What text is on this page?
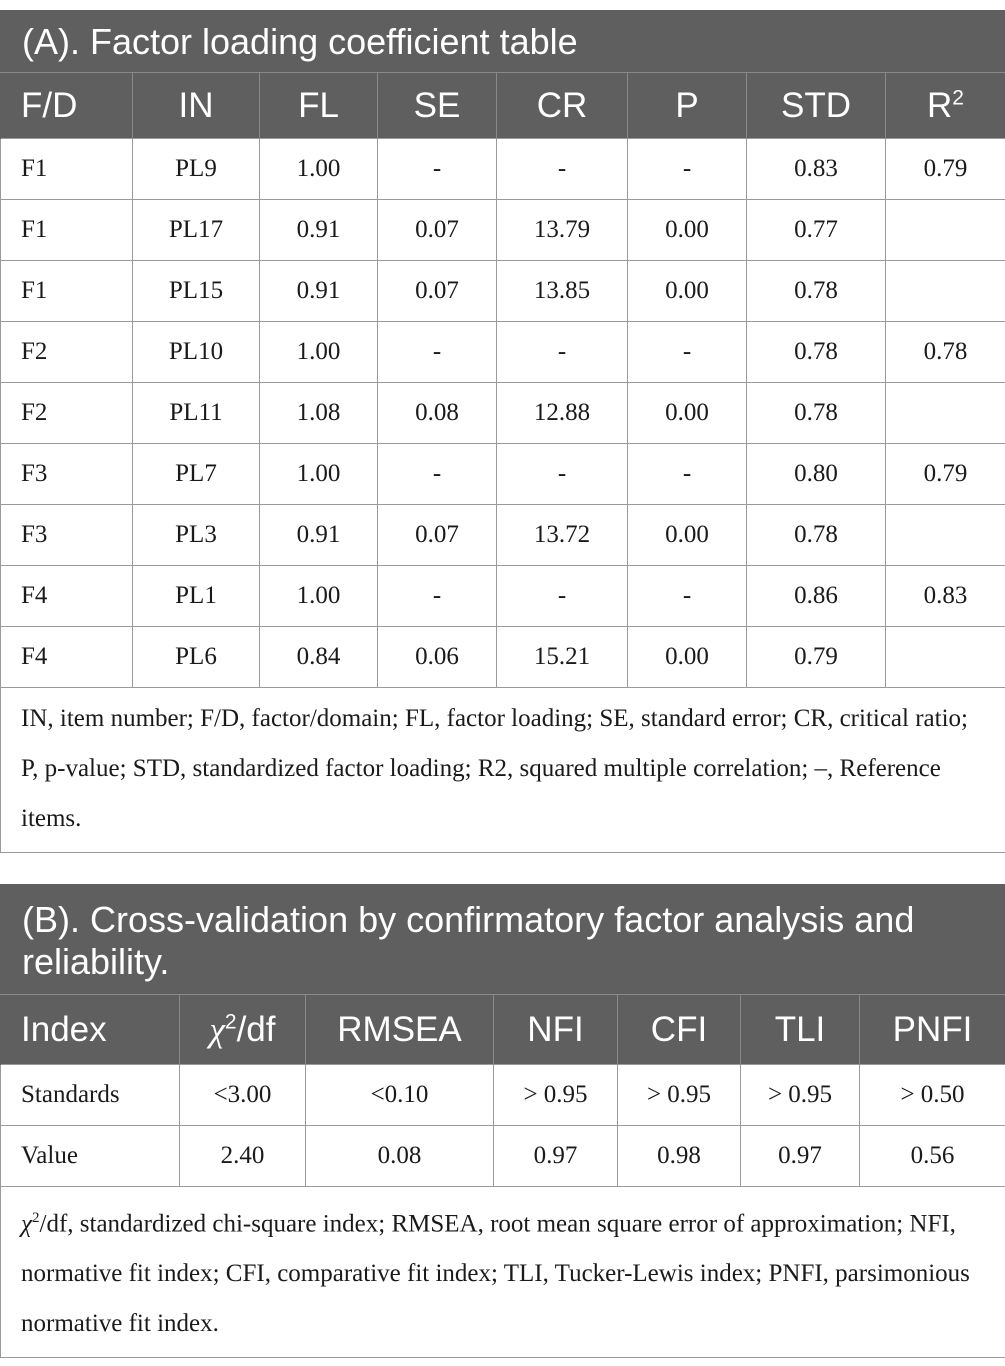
(A). Factor loading coefficient table
F/D	IN	FL	SE	CR	P	STD	$R^2$
F1	PL9	1.00	-	-	-	0.83	0.79
F1	PL17	0.91	0.07	13.79	0.00	0.77	
F1	PL15	0.91	0.07	13.85	0.00	0.78	
F2	PL10	1.00	-	-	-	0.78	0.78
F2	PL11	1.08	0.08	12.88	0.00	0.78	
F3	PL7	1.00	-	-	-	0.80	0.79
F3	PL3	0.91	0.07	13.72	0.00	0.78	
F4	PL1	1.00	-	-	-	0.86	0.83
F4	PL6	0.84	0.06	15.21	0.00	0.79	
IN, item number; F/D, factor/domain; FL, factor loading; SE, standard error; CR, critical ratio; P, p-value; STD, standardized factor loading; R2, squared multiple correlation; –, Reference items.							
(B). Cross-validation by confirmatory factor analysis and reliability.
Index	$\chi^2/df$	RMSEA	NFI	CFI	TLI	PNFI
Standards	<3.00	<0.10	> 0.95	> 0.95	> 0.95	> 0.50
Value	2.40	0.08	0.97	0.98	0.97	0.56
$\chi^2/df$, standardized chi-square index; RMSEA, root mean square error of approximation; NFI, normative fit index; CFI, comparative fit index; TLI, Tucker-Lewis index; PNFI, parsimonious normative fit index.						
